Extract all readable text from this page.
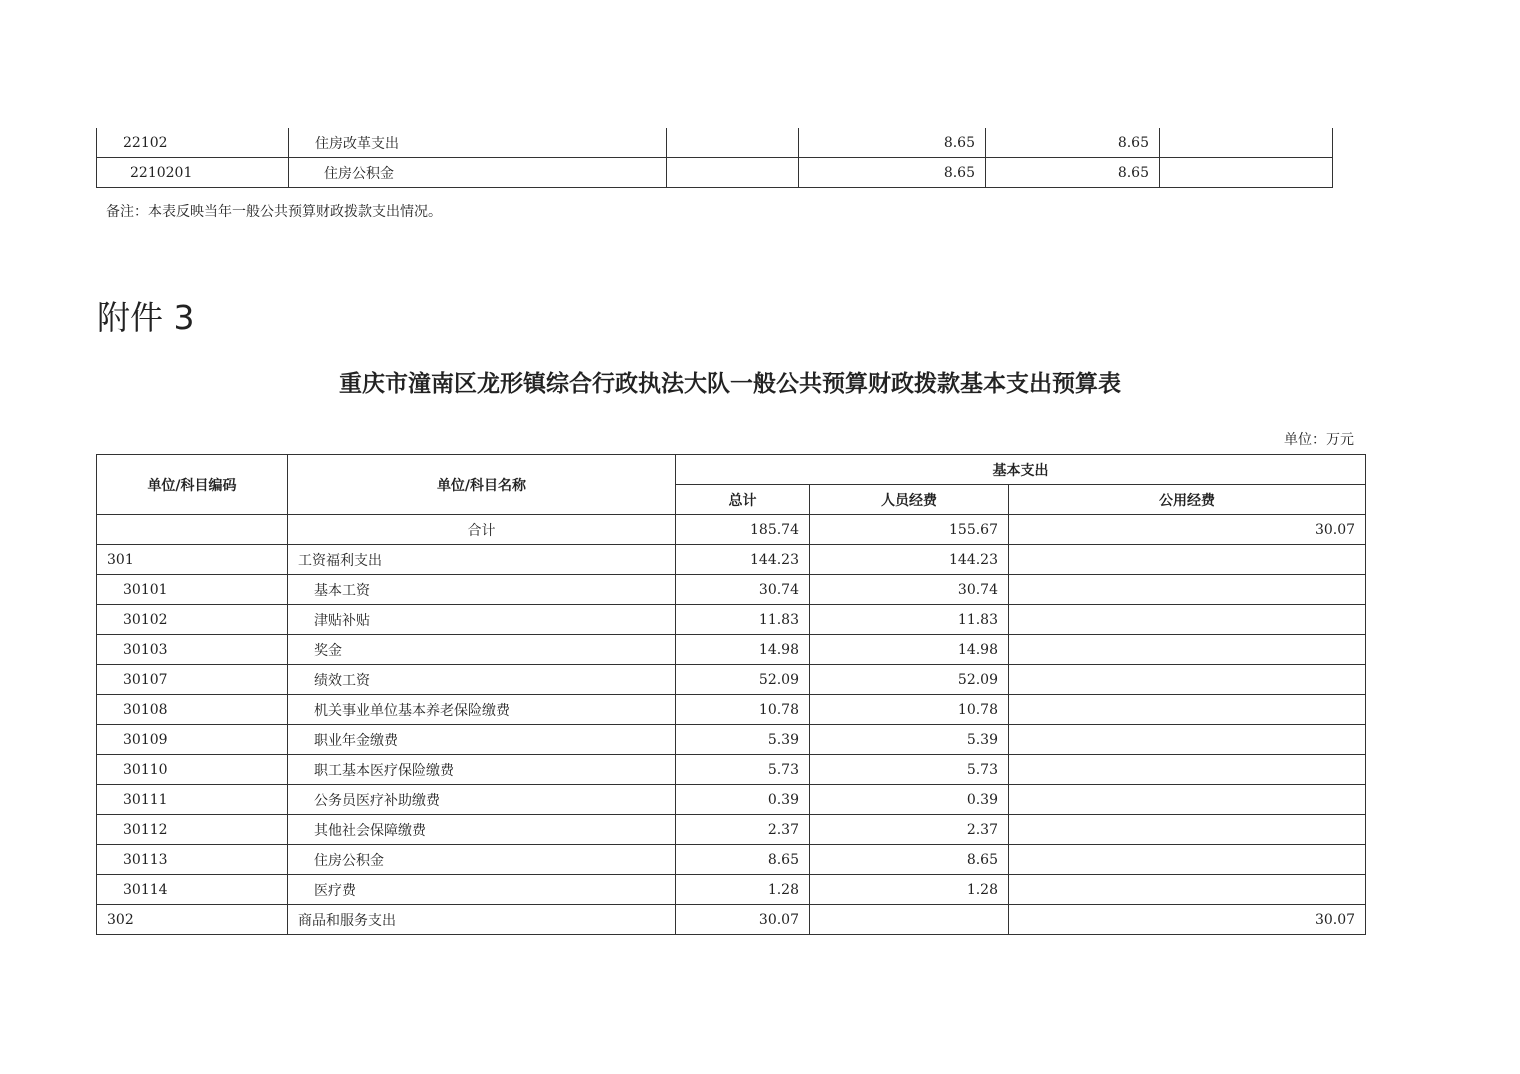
22102	住房改革支出		8.65	8.65	
2210201	住房公积金		8.65	8.65	
备注：本表反映当年一般公共预算财政拨款支出情况。
附件 3
重庆市潼南区龙形镇综合行政执法大队一般公共预算财政拨款基本支出预算表
单位：万元
单位/科目编码	单位/科目名称	基本支出		
		总计	人员经费	公用经费
	合计	185.74	155.67	30.07
301	工资福利支出	144.23	144.23	
30101	基本工资	30.74	30.74	
30102	津贴补贴	11.83	11.83	
30103	奖金	14.98	14.98	
30107	绩效工资	52.09	52.09	
30108	机关事业单位基本养老保险缴费	10.78	10.78	
30109	职业年金缴费	5.39	5.39	
30110	职工基本医疗保险缴费	5.73	5.73	
30111	公务员医疗补助缴费	0.39	0.39	
30112	其他社会保障缴费	2.37	2.37	
30113	住房公积金	8.65	8.65	
30114	医疗费	1.28	1.28	
302	商品和服务支出	30.07		30.07
